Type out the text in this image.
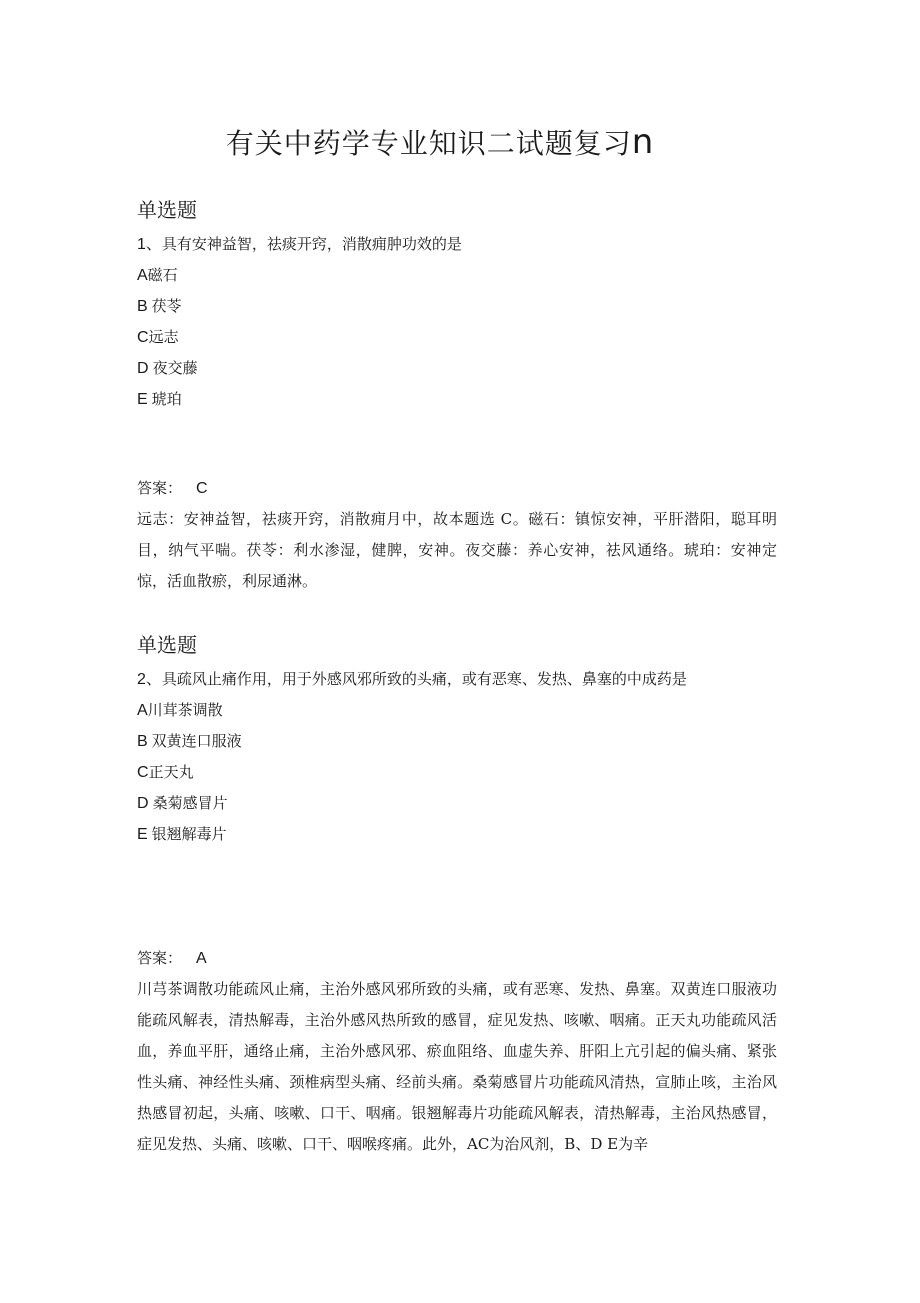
有关中药学专业知识二试题复习n
单选题
1、具有安神益智，祛痰开窍，消散痈肿功效的是
A磁石
B 茯苓
C远志
D 夜交藤
E 琥珀
答案： C
远志：安神益智，祛痰开窍，消散痈月中，故本题选 C。磁石：镇惊安神，平肝潜阳，聪耳明目，纳气平喘。茯苓：利水渗湿，健脾，安神。夜交藤：养心安神，祛风通络。琥珀：安神定惊，活血散瘀，利尿通淋。
单选题
2、具疏风止痛作用，用于外感风邪所致的头痛，或有恶寒、发热、鼻塞的中成药是
A川茸茶调散
B 双黄连口服液
C正天丸
D 桑菊感冒片
E 银翘解毒片
答案： A
川芎茶调散功能疏风止痛，主治外感风邪所致的头痛，或有恶寒、发热、鼻塞。双黄连口服液功能疏风解表，清热解毒，主治外感风热所致的感冒，症见发热、咳嗽、咽痛。正天丸功能疏风活血，养血平肝，通络止痛，主治外感风邪、瘀血阻络、血虚失养、肝阳上亢引起的偏头痛、紧张性头痛、神经性头痛、颈椎病型头痛、经前头痛。桑菊感冒片功能疏风清热，宣肺止咳，主治风热感冒初起，头痛、咳嗽、口干、咽痛。银翘解毒片功能疏风解表，清热解毒，主治风热感冒，症见发热、头痛、咳嗽、口干、咽喉疼痛。此外，AC为治风剂，B、D E为辛
